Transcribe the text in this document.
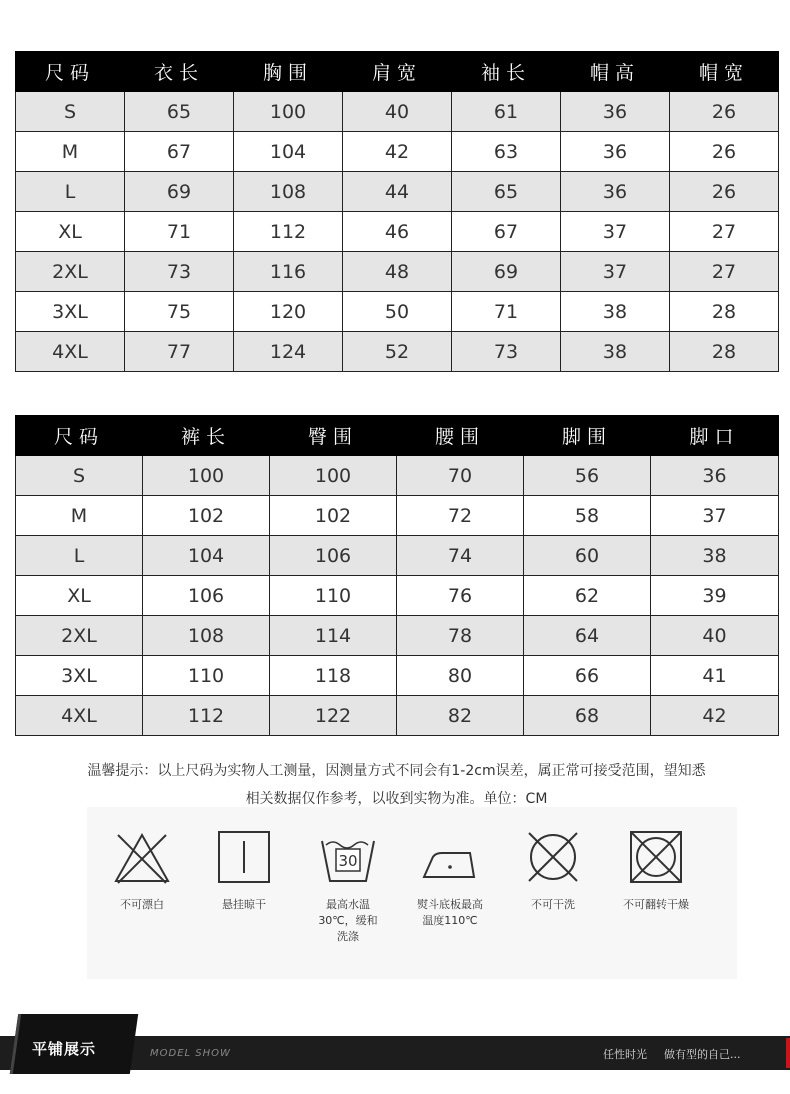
尺码	衣长	胸围	肩宽	袖长	帽高	帽宽
S	65	100	40	61	36	26
M	67	104	42	63	36	26
L	69	108	44	65	36	26
XL	71	112	46	67	37	27
2XL	73	116	48	69	37	27
3XL	75	120	50	71	38	28
4XL	77	124	52	73	38	28
尺码	裤长	臀围	腰围	脚围	脚口
S	100	100	70	56	36
M	102	102	72	58	37
L	104	106	74	60	38
XL	106	110	76	62	39
2XL	108	114	78	64	40
3XL	110	118	80	66	41
4XL	112	122	82	68	42
温馨提示：以上尺码为实物人工测量，因测量方式不同会有1-2cm误差，属正常可接受范围，望知悉
相关数据仅作参考，以收到实物为准。单位：CM
不可漂白	悬挂晾干
30
最高水温 30℃，缓和洗涤
熨斗底板最高温度110℃
不可干洗	不可翻转干燥
平铺展示	MODEL SHOW	任性时光 做有型的自己...
